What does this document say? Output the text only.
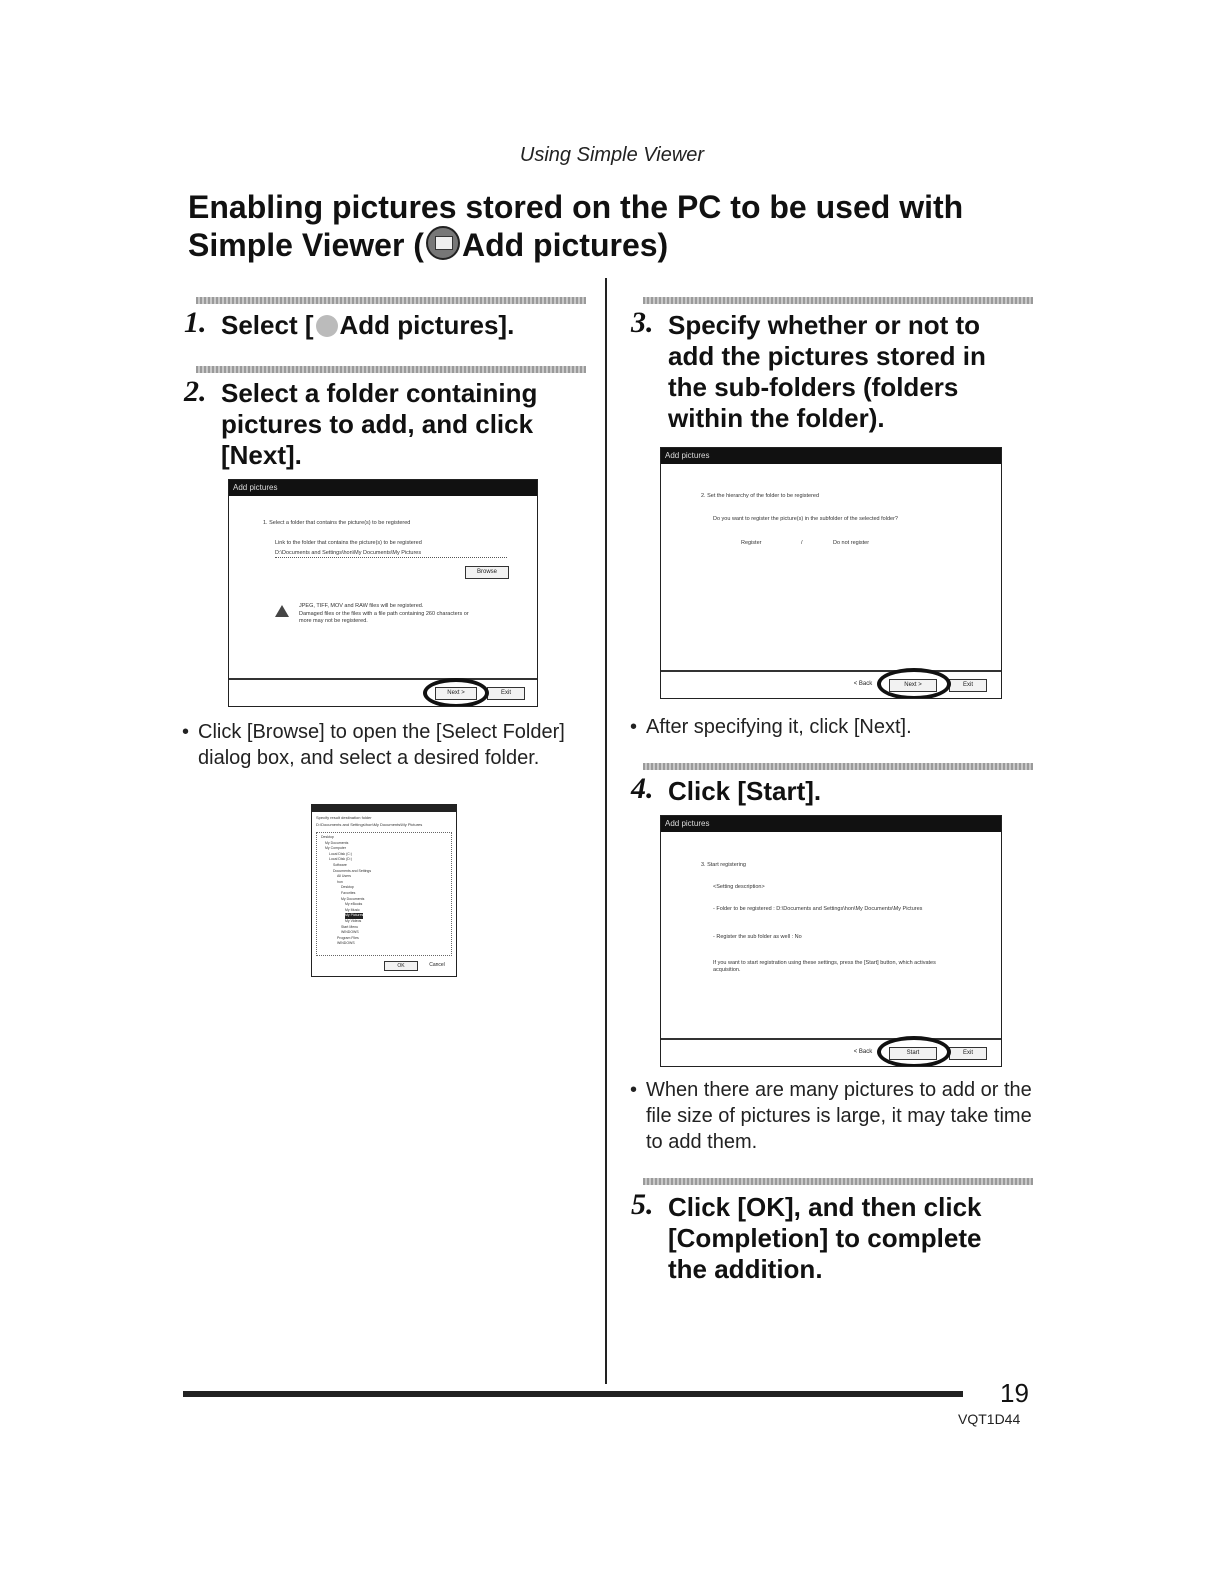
Using Simple Viewer
Enabling pictures stored on the PC to be used with
Simple Viewer ( Add pictures)
1. Select [ Add pictures].
2. Select a folder containing pictures to add, and click [Next].
Add pictures
1. Select a folder that contains the picture(s) to be registered
Link to the folder that contains the picture(s) to be registered
D:\Documents and Settings\hon\My Documents\My Pictures
Browse
JPEG, TIFF, MOV and RAW files will be registered.
Damaged files or the files with a file path containing 260 characters or more may not be registered.
Next >	Exit
• Click [Browse] to open the [Select Folder] dialog box, and select a desired folder.
Specify result destination folder
D:\Documents and Settings\hon\My Documents\My Pictures
Desktop
My Documents
My Computer
Local Disk (C:)
Local Disk (D:)
Software
Documents and Settings
All Users
hon
Desktop
Favorites
My Documents
My eBooks
My Music
My Pictures
My Videos
Start Menu
WINDOWS
Program Files
WINDOWS
OK	Cancel
3. Specify whether or not to add the pictures stored in the sub-folders (folders within the folder).
Add pictures
2. Set the hierarchy of the folder to be registered
Do you want to register the picture(s) in the subfolder of the selected folder?
Register	/	Do not register
< Back	Next >	Exit
• After specifying it, click [Next].
4. Click [Start].
Add pictures
3. Start registering
<Setting description>
- Folder to be registered : D:\Documents and Settings\hon\My Documents\My Pictures
- Register the sub folder as well : No
If you want to start registration using these settings, press the [Start] button, which activates acquisition.
< Back	Start	Exit
• When there are many pictures to add or the file size of pictures is large, it may take time to add them.
5. Click [OK], and then click [Completion] to complete the addition.
19
VQT1D44
